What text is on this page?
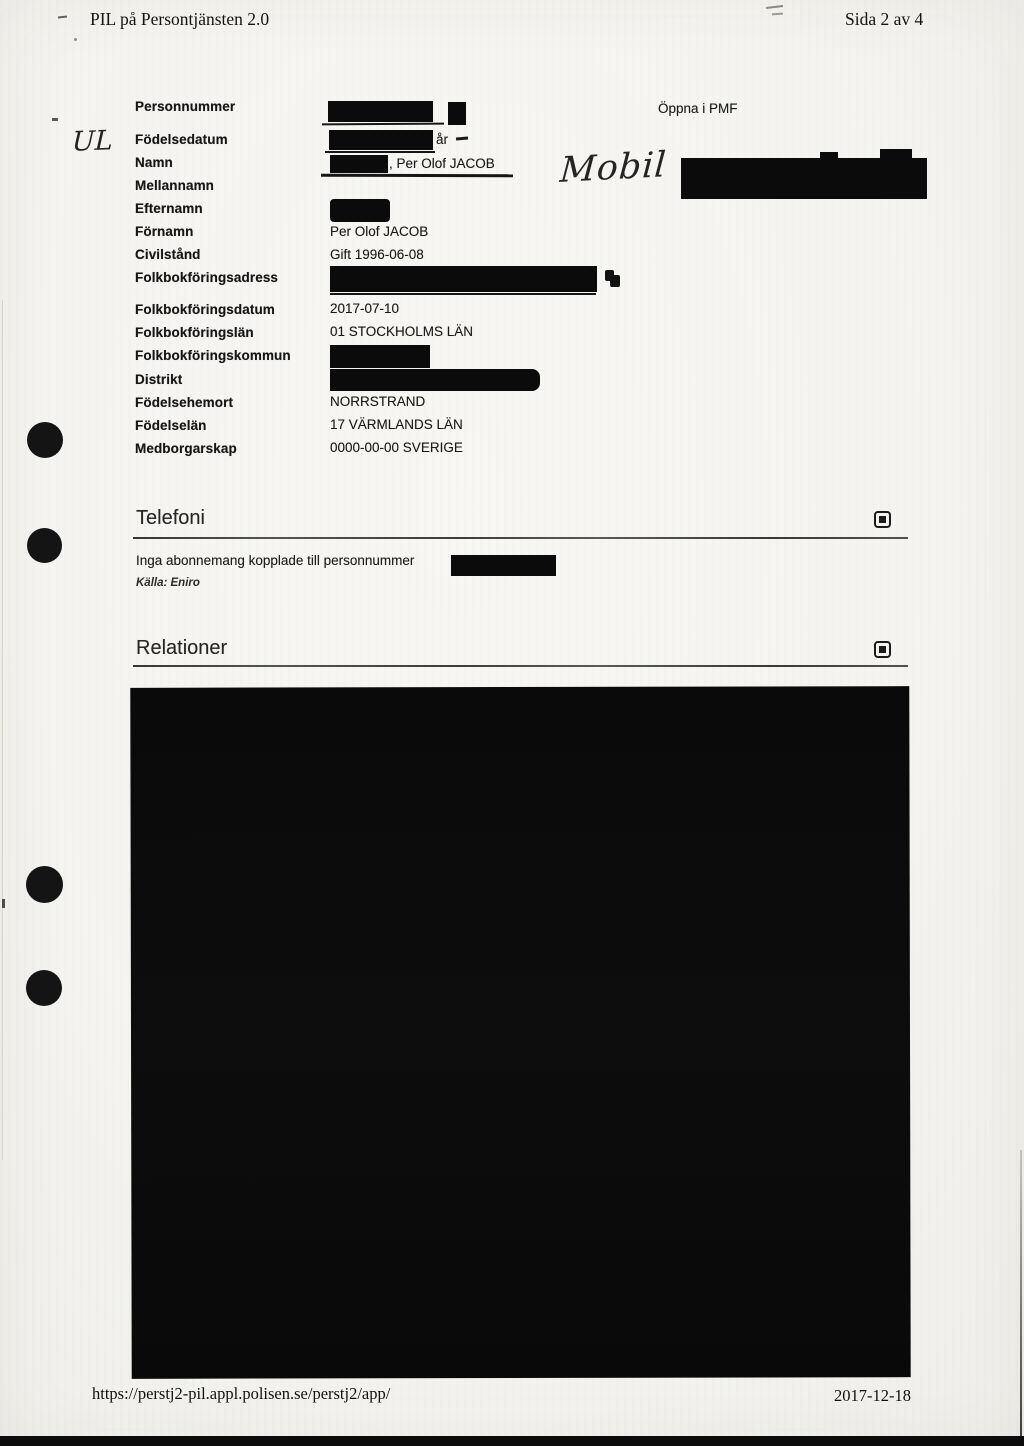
PIL på Persontjänsten 2.0	Sida 2 av 4
UL
Mobil
Öppna i PMF
Personnummer
Födelsedatum
Namn
Mellannamn
Efternamn
Förnamn
Civilstånd
Folkbokföringsadress
Folkbokföringsdatum
Folkbokföringslän
Folkbokföringskommun
Distrikt
Födelsehemort
Födelselän
Medborgarskap
år
, Per Olof JACOB
Per Olof JACOB
Gift 1996-06-08
2017-07-10
01 STOCKHOLMS LÄN
NORRSTRAND
17 VÄRMLANDS LÄN
0000-00-00 SVERIGE
Telefoni
Inga abonnemang kopplade till personnummer
Källa: Eniro
Relationer
https://perstj2-pil.appl.polisen.se/perstj2/app/	2017-12-18
